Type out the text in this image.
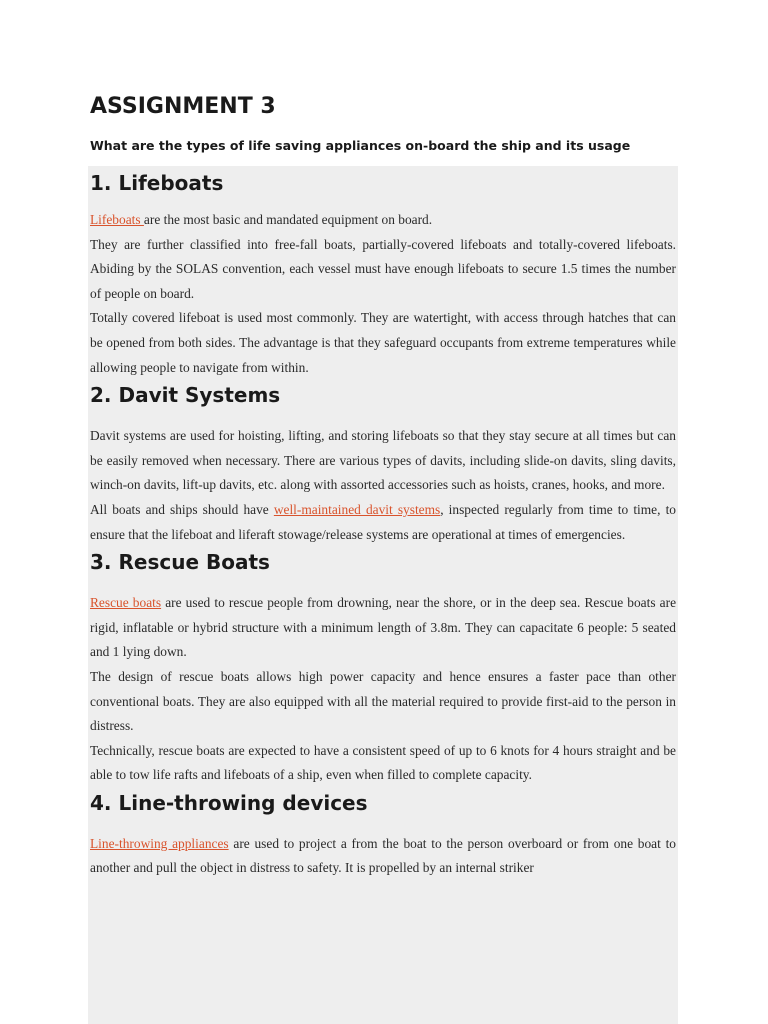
ASSIGNMENT 3

What are the types of life saving appliances on-board the ship and its usage

1. Lifeboats

Lifeboats are the most basic and mandated equipment on board.

They are further classified into free-fall boats, partially-covered lifeboats and totally-covered lifeboats. Abiding by the SOLAS convention, each vessel must have enough lifeboats to secure 1.5 times the number of people on board.

Totally covered lifeboat is used most commonly. They are watertight, with access through hatches that can be opened from both sides. The advantage is that they safeguard occupants from extreme temperatures while allowing people to navigate from within.

2. Davit Systems

Davit systems are used for hoisting, lifting, and storing lifeboats so that they stay secure at all times but can be easily removed when necessary. There are various types of davits, including slide-on davits, sling davits, winch-on davits, lift-up davits, etc. along with assorted accessories such as hoists, cranes, hooks, and more.

All boats and ships should have well-maintained davit systems, inspected regularly from time to time, to ensure that the lifeboat and liferaft stowage/release systems are operational at times of emergencies.

3. Rescue Boats

Rescue boats are used to rescue people from drowning, near the shore, or in the deep sea. Rescue boats are rigid, inflatable or hybrid structure with a minimum length of 3.8m. They can capacitate 6 people: 5 seated and 1 lying down.

The design of rescue boats allows high power capacity and hence ensures a faster pace than other conventional boats. They are also equipped with all the material required to provide first-aid to the person in distress.

Technically, rescue boats are expected to have a consistent speed of up to 6 knots for 4 hours straight and be able to tow life rafts and lifeboats of a ship, even when filled to complete capacity.

4. Line-throwing devices

Line-throwing appliances are used to project a from the boat to the person overboard or from one boat to another and pull the object in distress to safety. It is propelled by an internal striker
